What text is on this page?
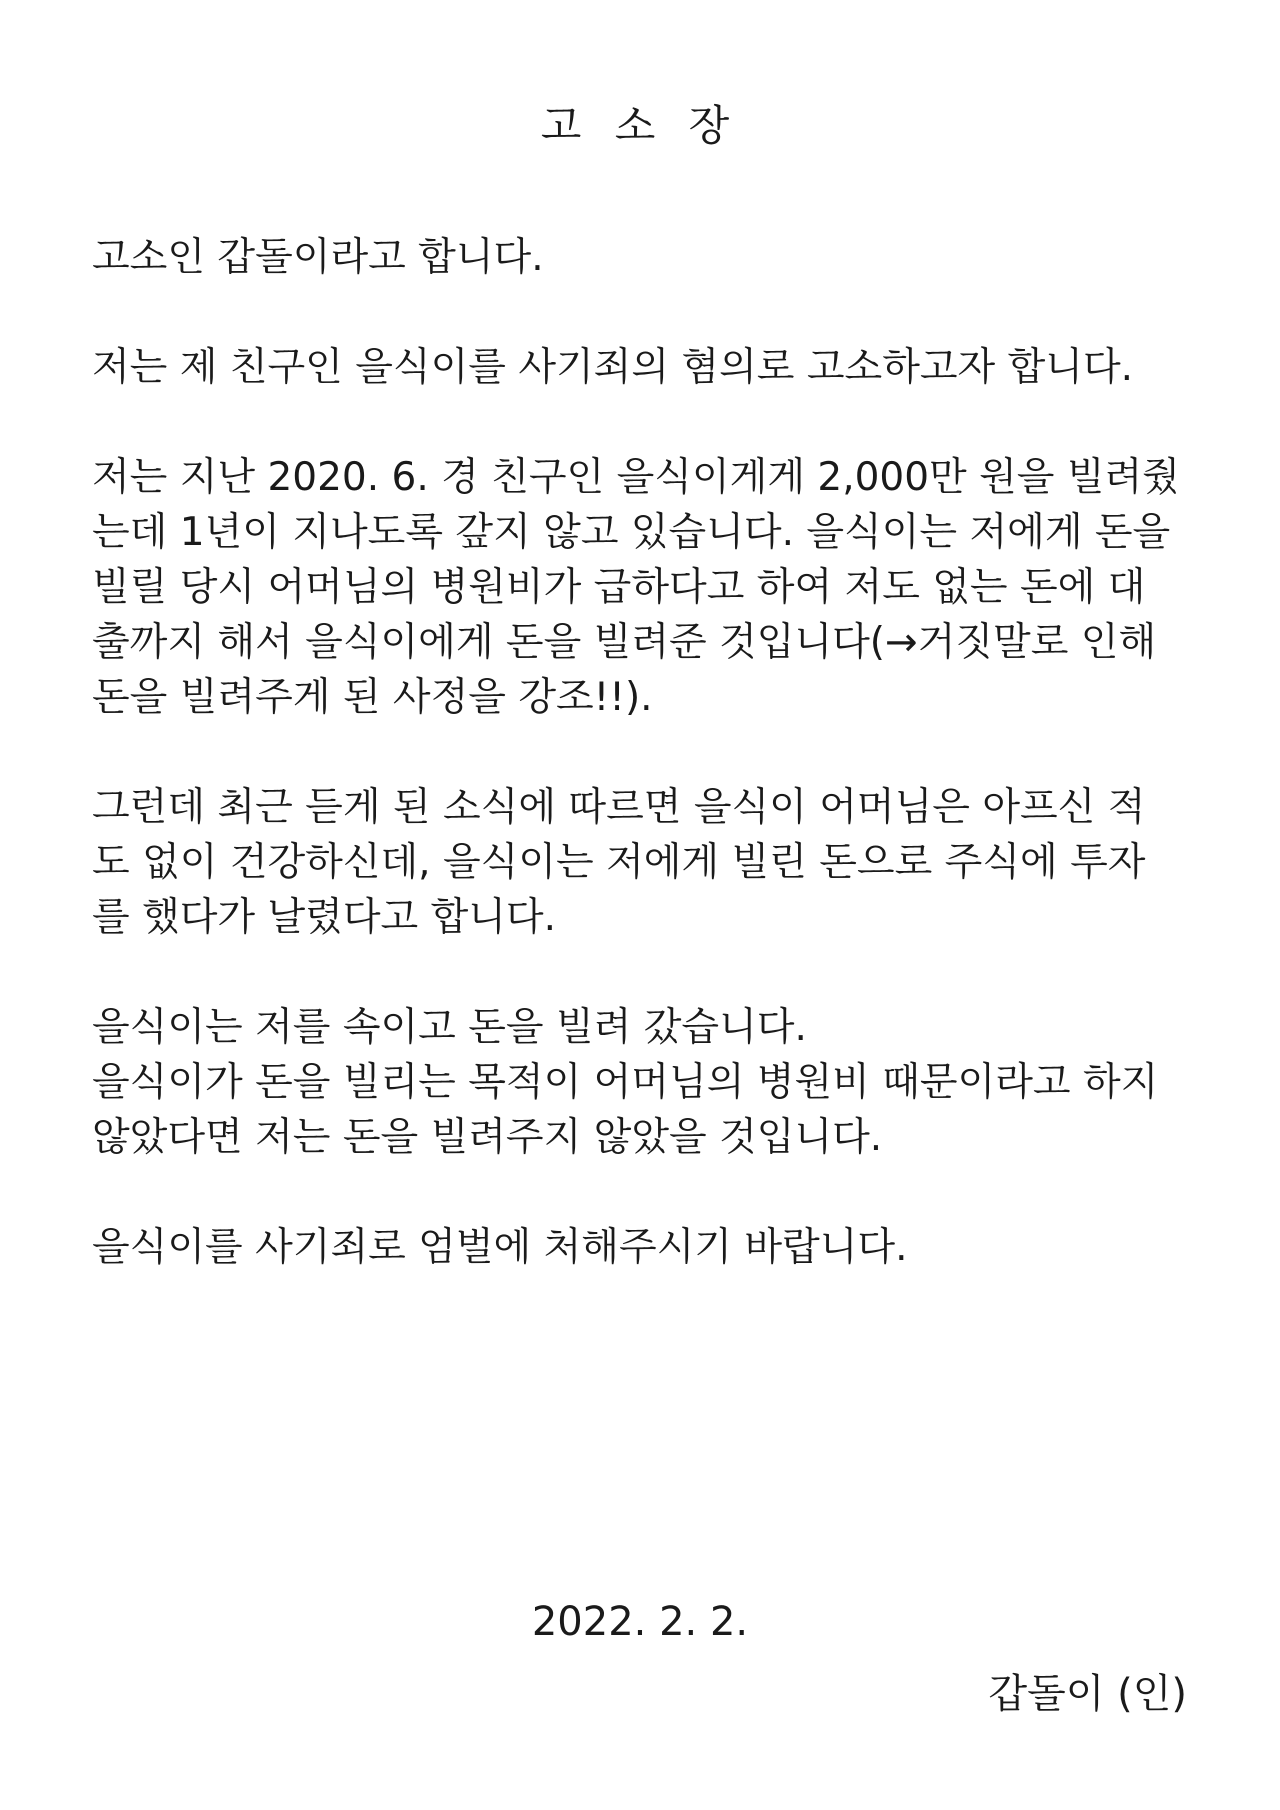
고 소 장
고소인 갑돌이라고 합니다.
저는 제 친구인 을식이를 사기죄의 혐의로 고소하고자 합니다.
저는 지난 2020. 6. 경 친구인 을식이게게 2,000만 원을 빌려줬
는데 1년이 지나도록 갚지 않고 있습니다. 을식이는 저에게 돈을
빌릴 당시 어머님의 병원비가 급하다고 하여 저도 없는 돈에 대
출까지 해서 을식이에게 돈을 빌려준 것입니다(→거짓말로 인해
돈을 빌려주게 된 사정을 강조!!).
그런데 최근 듣게 된 소식에 따르면 을식이 어머님은 아프신 적
도 없이 건강하신데, 을식이는 저에게 빌린 돈으로 주식에 투자
를 했다가 날렸다고 합니다.
을식이는 저를 속이고 돈을 빌려 갔습니다.
을식이가 돈을 빌리는 목적이 어머님의 병원비 때문이라고 하지
않았다면 저는 돈을 빌려주지 않았을 것입니다.
을식이를 사기죄로 엄벌에 처해주시기 바랍니다.
2022. 2. 2.
갑돌이 (인)
